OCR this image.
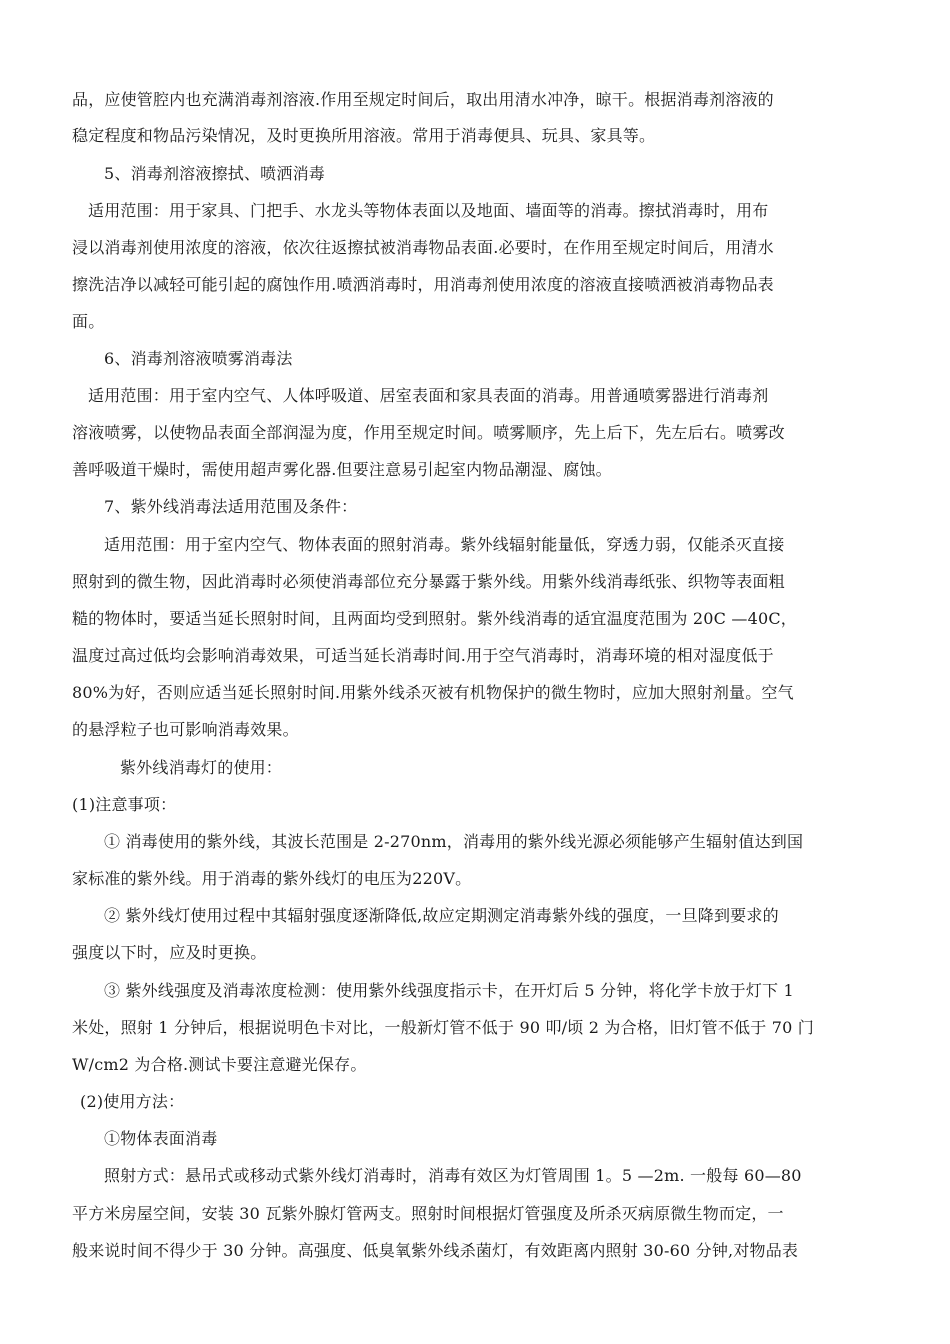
品，应使管腔内也充满消毒剂溶液.作用至规定时间后，取出用清水冲净，晾干。根据消毒剂溶液的
稳定程度和物品污染情况，及时更换所用溶液。常用于消毒便具、玩具、家具等。
5、消毒剂溶液擦拭、喷洒消毒
适用范围：用于家具、门把手、水龙头等物体表面以及地面、墙面等的消毒。擦拭消毒时，用布
浸以消毒剂使用浓度的溶液，依次往返擦拭被消毒物品表面.必要时，在作用至规定时间后，用清水
擦洗洁净以减轻可能引起的腐蚀作用.喷洒消毒时，用消毒剂使用浓度的溶液直接喷洒被消毒物品表
面。
6、消毒剂溶液喷雾消毒法
适用范围：用于室内空气、人体呼吸道、居室表面和家具表面的消毒。用普通喷雾器进行消毒剂
溶液喷雾，以使物品表面全部润湿为度，作用至规定时间。喷雾顺序，先上后下，先左后右。喷雾改
善呼吸道干燥时，需使用超声雾化器.但要注意易引起室内物品潮湿、腐蚀。
7、紫外线消毒法适用范围及条件：
适用范围：用于室内空气、物体表面的照射消毒。紫外线辐射能量低，穿透力弱，仅能杀灭直接
照射到的微生物，因此消毒时必须使消毒部位充分暴露于紫外线。用紫外线消毒纸张、织物等表面粗
糙的物体时，要适当延长照射时间，且两面均受到照射。紫外线消毒的适宜温度范围为 20C —40C，
温度过高过低均会影响消毒效果，可适当延长消毒时间.用于空气消毒时，消毒环境的相对湿度低于
80%为好，否则应适当延长照射时间.用紫外线杀灭被有机物保护的微生物时，应加大照射剂量。空气
的悬浮粒子也可影响消毒效果。
紫外线消毒灯的使用：
(1)注意事项：
① 消毒使用的紫外线，其波长范围是 2-270nm，消毒用的紫外线光源必须能够产生辐射值达到国
家标准的紫外线。用于消毒的紫外线灯的电压为220V。
② 紫外线灯使用过程中其辐射强度逐渐降低,故应定期测定消毒紫外线的强度，一旦降到要求的
强度以下时，应及时更换。
③ 紫外线强度及消毒浓度检测：使用紫外线强度指示卡，在开灯后 5 分钟，将化学卡放于灯下 1
米处，照射 1 分钟后，根据说明色卡对比，一般新灯管不低于 90 叩/顷 2 为合格，旧灯管不低于 70 门
W/cm2 为合格.测试卡要注意避光保存。
(2)使用方法：
①物体表面消毒
照射方式：悬吊式或移动式紫外线灯消毒时，消毒有效区为灯管周围 1。5 —2m. 一般每 60—80
平方米房屋空间，安装 30 瓦紫外腺灯管两支。照射时间根据灯管强度及所杀灭病原微生物而定，一
般来说时间不得少于 30 分钟。高强度、低臭氧紫外线杀菌灯，有效距离内照射 30-60 分钟,对物品表
